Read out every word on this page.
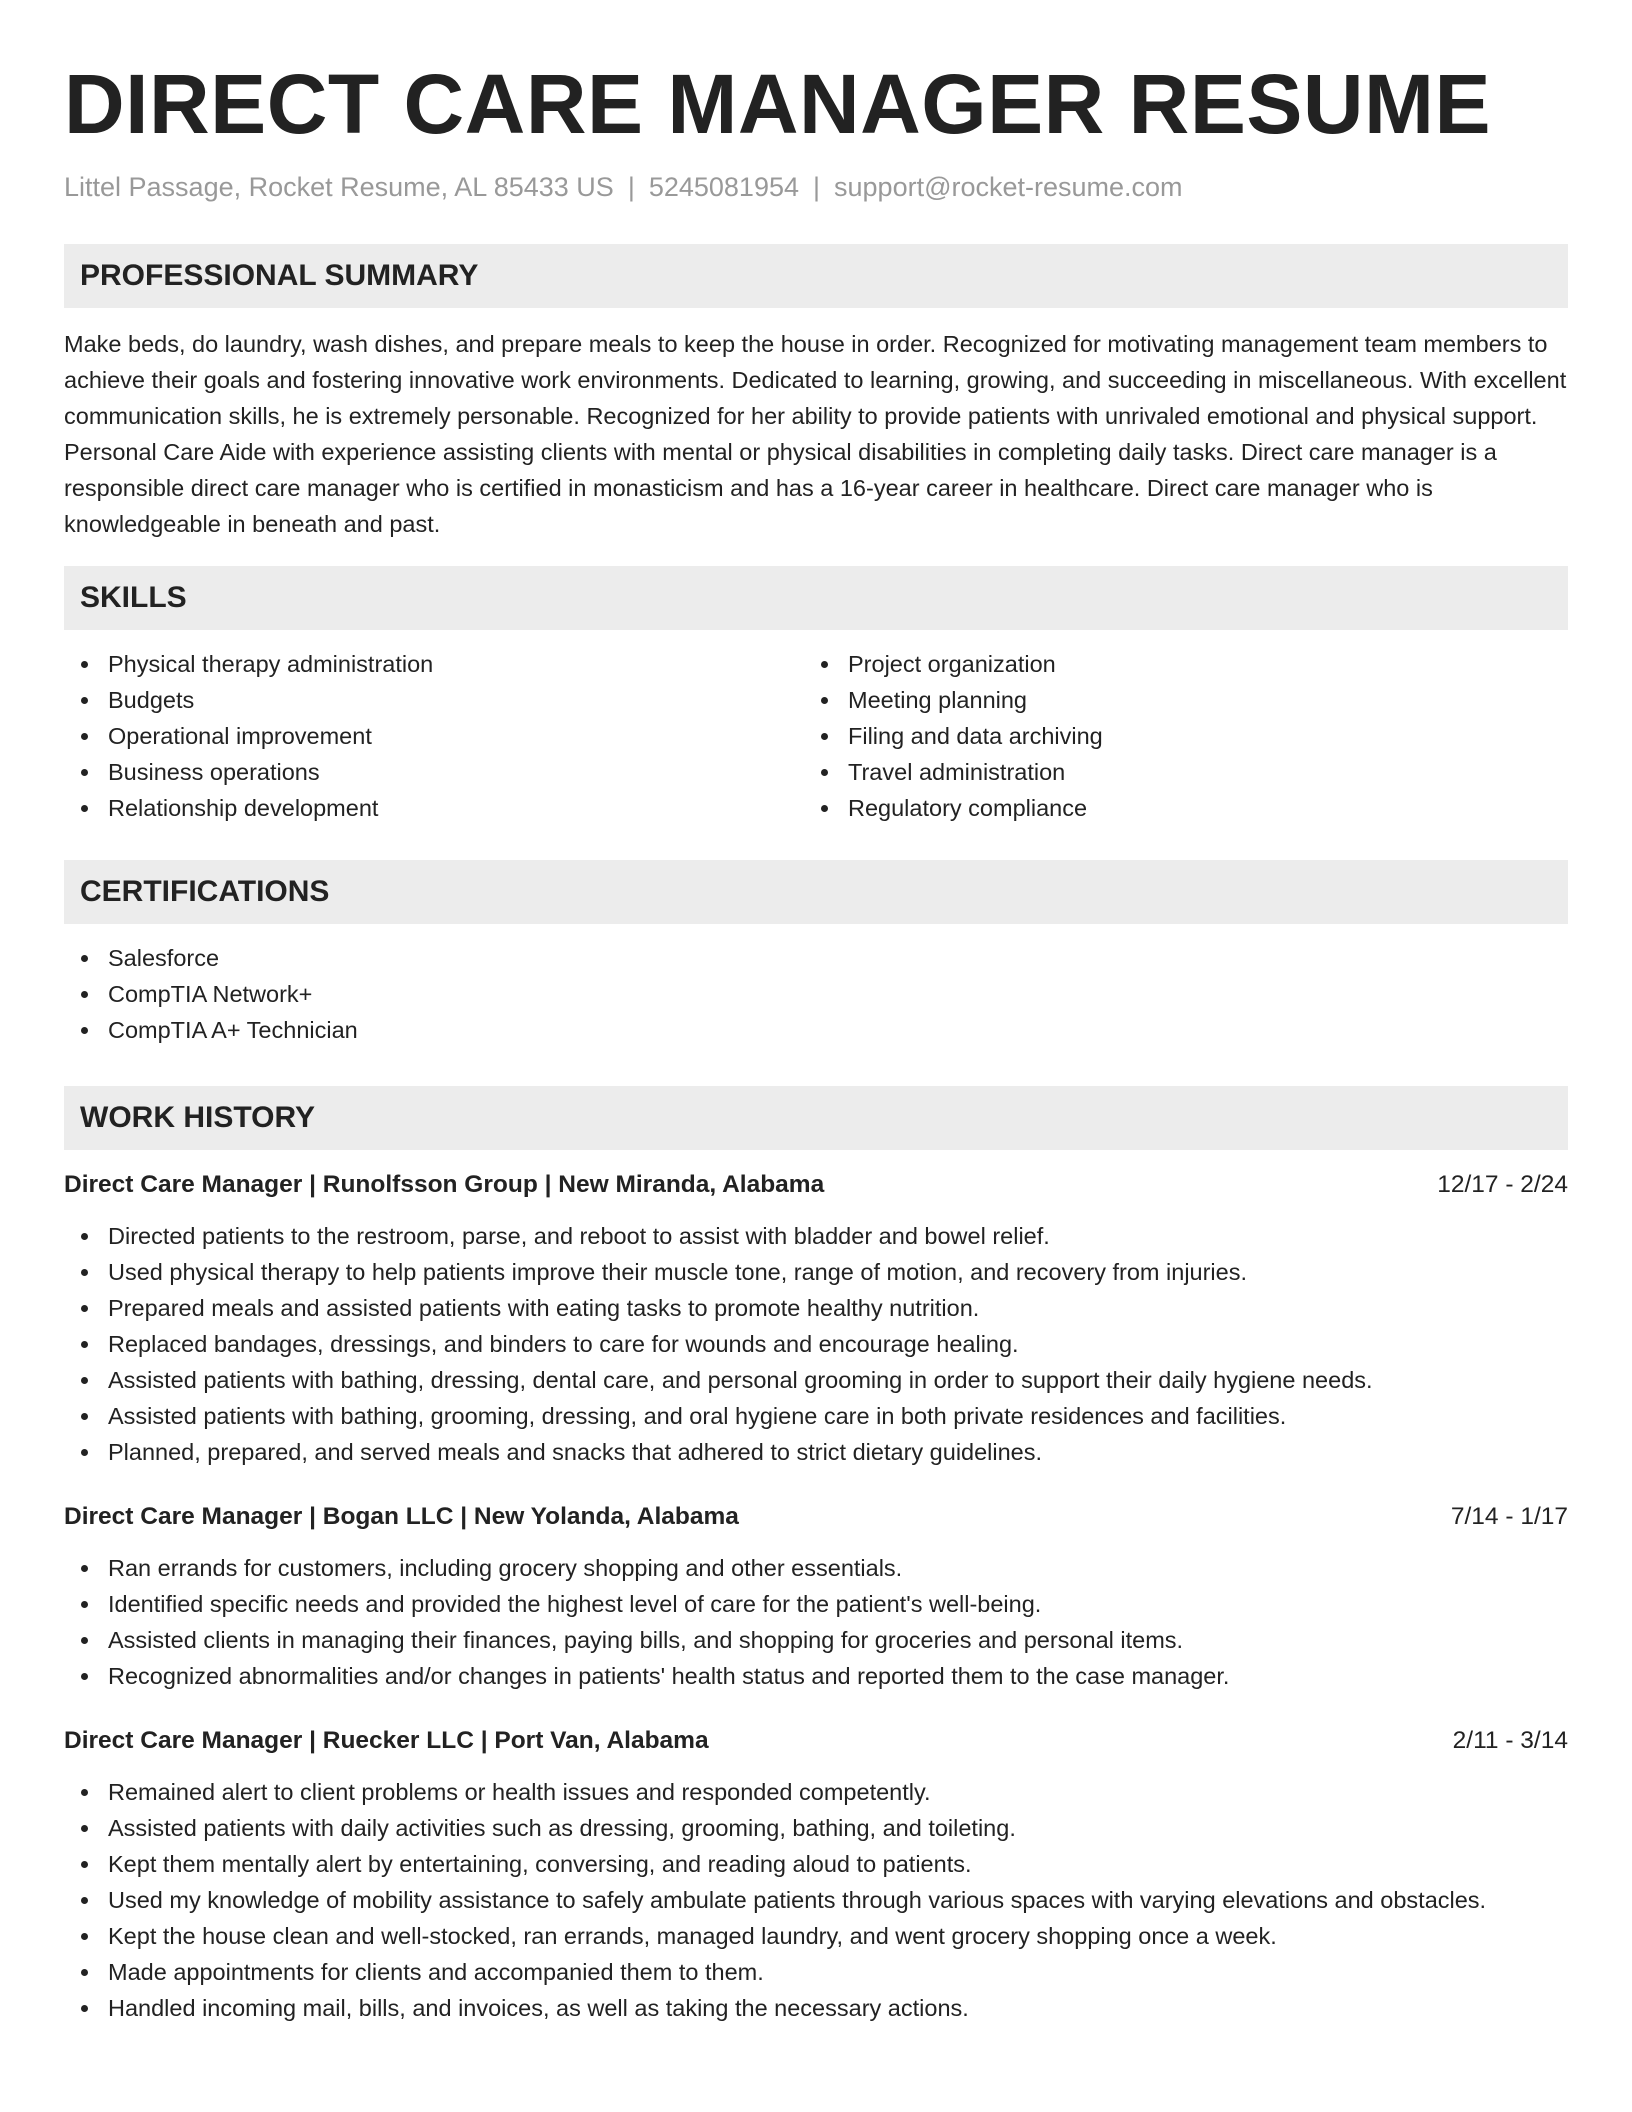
DIRECT CARE MANAGER RESUME
Littel Passage, Rocket Resume, AL 85433 US | 5245081954 | support@rocket-resume.com
PROFESSIONAL SUMMARY

Make beds, do laundry, wash dishes, and prepare meals to keep the house in order. Recognized for motivating management team members to achieve their goals and fostering innovative work environments. Dedicated to learning, growing, and succeeding in miscellaneous. With excellent communication skills, he is extremely personable. Recognized for her ability to provide patients with unrivaled emotional and physical support. Personal Care Aide with experience assisting clients with mental or physical disabilities in completing daily tasks. Direct care manager is a responsible direct care manager who is certified in monasticism and has a 16-year career in healthcare. Direct care manager who is knowledgeable in beneath and past.

SKILLS
Physical therapy administration
Budgets
Operational improvement
Business operations
Relationship development
Project organization
Meeting planning
Filing and data archiving
Travel administration
Regulatory compliance
CERTIFICATIONS
Salesforce
CompTIA Network+
CompTIA A+ Technician
WORK HISTORY
Direct Care Manager | Runolfsson Group | New Miranda, Alabama	12/17 - 2/24
Directed patients to the restroom, parse, and reboot to assist with bladder and bowel relief.
Used physical therapy to help patients improve their muscle tone, range of motion, and recovery from injuries.
Prepared meals and assisted patients with eating tasks to promote healthy nutrition.
Replaced bandages, dressings, and binders to care for wounds and encourage healing.
Assisted patients with bathing, dressing, dental care, and personal grooming in order to support their daily hygiene needs.
Assisted patients with bathing, grooming, dressing, and oral hygiene care in both private residences and facilities.
Planned, prepared, and served meals and snacks that adhered to strict dietary guidelines.
Direct Care Manager | Bogan LLC | New Yolanda, Alabama	7/14 - 1/17
Ran errands for customers, including grocery shopping and other essentials.
Identified specific needs and provided the highest level of care for the patient's well-being.
Assisted clients in managing their finances, paying bills, and shopping for groceries and personal items.
Recognized abnormalities and/or changes in patients' health status and reported them to the case manager.
Direct Care Manager | Ruecker LLC | Port Van, Alabama	2/11 - 3/14
Remained alert to client problems or health issues and responded competently.
Assisted patients with daily activities such as dressing, grooming, bathing, and toileting.
Kept them mentally alert by entertaining, conversing, and reading aloud to patients.
Used my knowledge of mobility assistance to safely ambulate patients through various spaces with varying elevations and obstacles.
Kept the house clean and well-stocked, ran errands, managed laundry, and went grocery shopping once a week.
Made appointments for clients and accompanied them to them.
Handled incoming mail, bills, and invoices, as well as taking the necessary actions.
